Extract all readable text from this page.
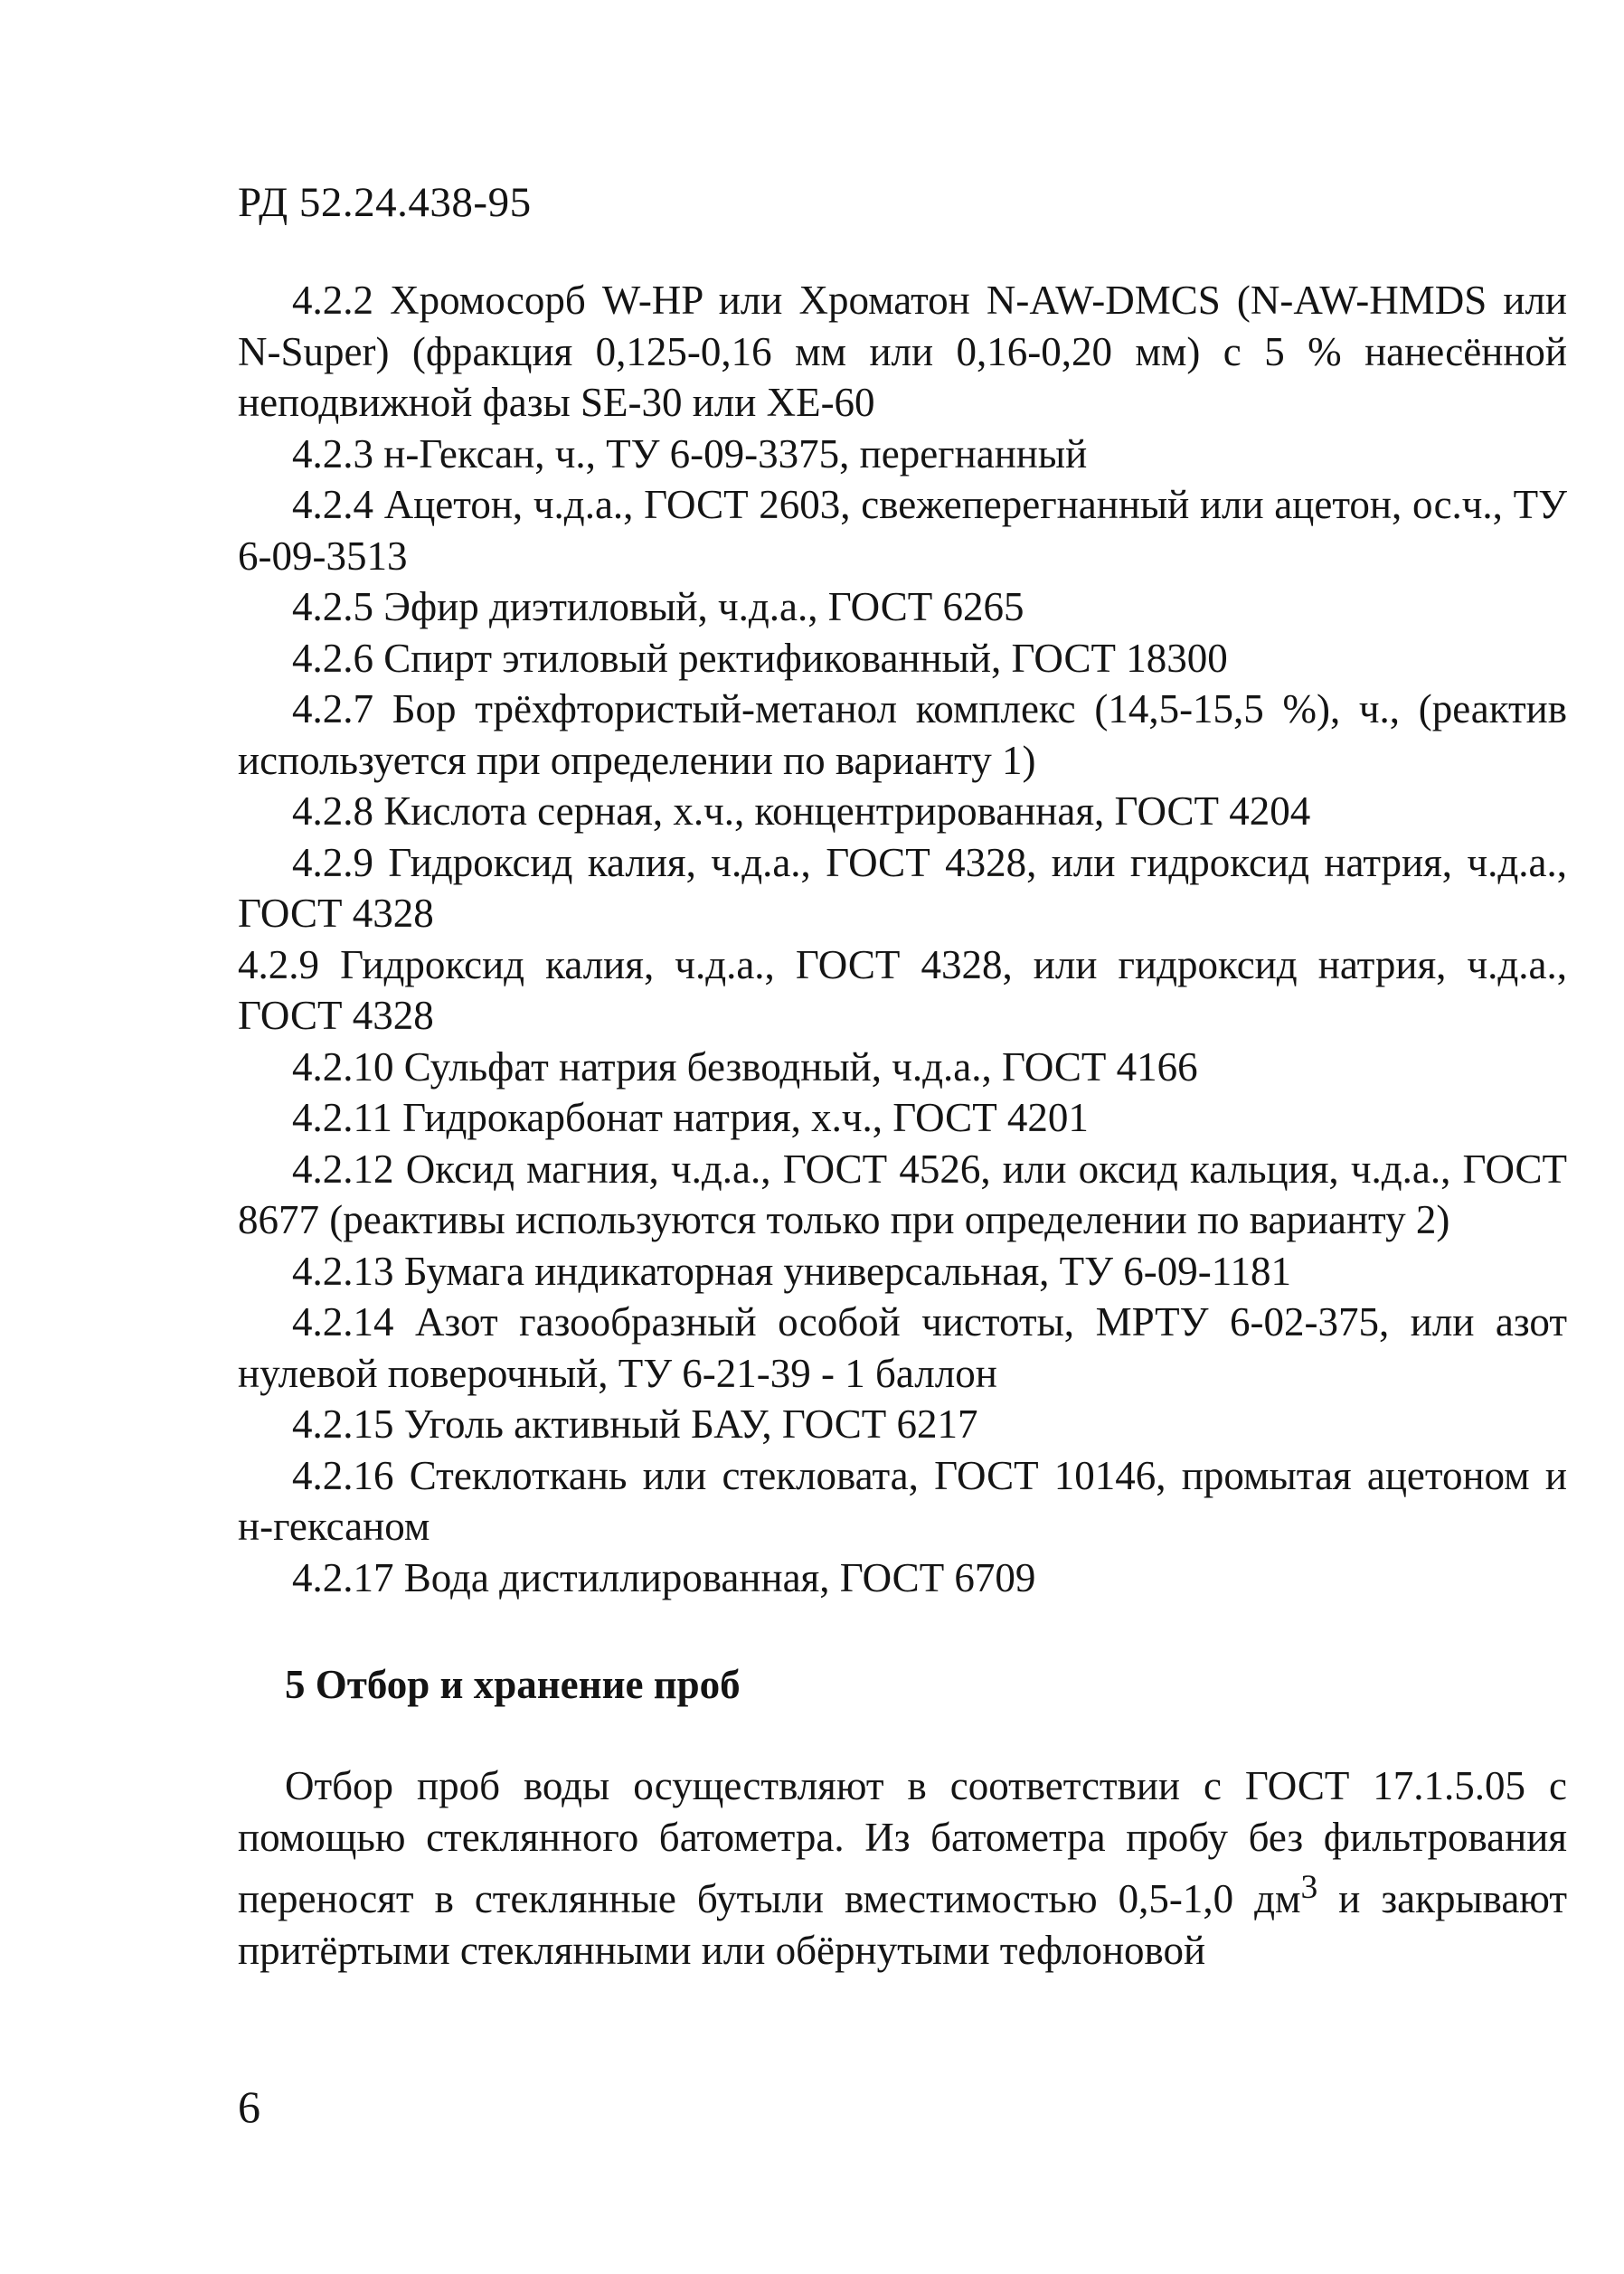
РД 52.24.438-95

4.2.2 Хромосорб W-HP или Хроматон N-AW-DMCS (N-AW-HMDS или N-Super) (фракция 0,125-0,16 мм или 0,16-0,20 мм) с 5 % нанесённой неподвижной фазы SE-30 или XE-60

4.2.3 н-Гексан, ч., ТУ 6-09-3375, перегнанный

4.2.4 Ацетон, ч.д.а., ГОСТ 2603, свежеперегнанный или ацетон, ос.ч., ТУ 6-09-3513

4.2.5 Эфир диэтиловый, ч.д.а., ГОСТ 6265

4.2.6 Спирт этиловый ректификованный, ГОСТ 18300

4.2.7 Бор трёхфтористый-метанол комплекс (14,5-15,5 %), ч., (реактив используется при определении по варианту 1)

4.2.8 Кислота серная, х.ч., концентрированная, ГОСТ 4204

4.2.9 Гидроксид калия, ч.д.а., ГОСТ 4328, или гидроксид натрия, ч.д.а., ГОСТ 4328

4.2.9 Гидроксид калия, ч.д.а., ГОСТ 4328, или гидроксид натрия, ч.д.а., ГОСТ 4328

4.2.10 Сульфат натрия безводный, ч.д.а., ГОСТ 4166

4.2.11 Гидрокарбонат натрия, х.ч., ГОСТ 4201

4.2.12 Оксид магния, ч.д.а., ГОСТ 4526, или оксид кальция, ч.д.а., ГОСТ 8677 (реактивы используются только при определении по варианту 2)

4.2.13 Бумага индикаторная универсальная, ТУ 6-09-1181

4.2.14 Азот газообразный особой чистоты, МРТУ 6-02-375, или азот нулевой поверочный, ТУ 6-21-39 - 1 баллон

4.2.15 Уголь активный БАУ, ГОСТ 6217

4.2.16 Стеклоткань или стекловата, ГОСТ 10146, промытая ацетоном и н-гексаном

4.2.17 Вода дистиллированная, ГОСТ 6709

5 Отбор и хранение проб

Отбор проб воды осуществляют в соответствии с ГОСТ 17.1.5.05 с помощью стеклянного батометра. Из батометра пробу без фильтрования переносят в стеклянные бутыли вместимостью 0,5-1,0 $дм^3$ и закрывают притёртыми стеклянными или обёрнутыми тефлоновой

6
